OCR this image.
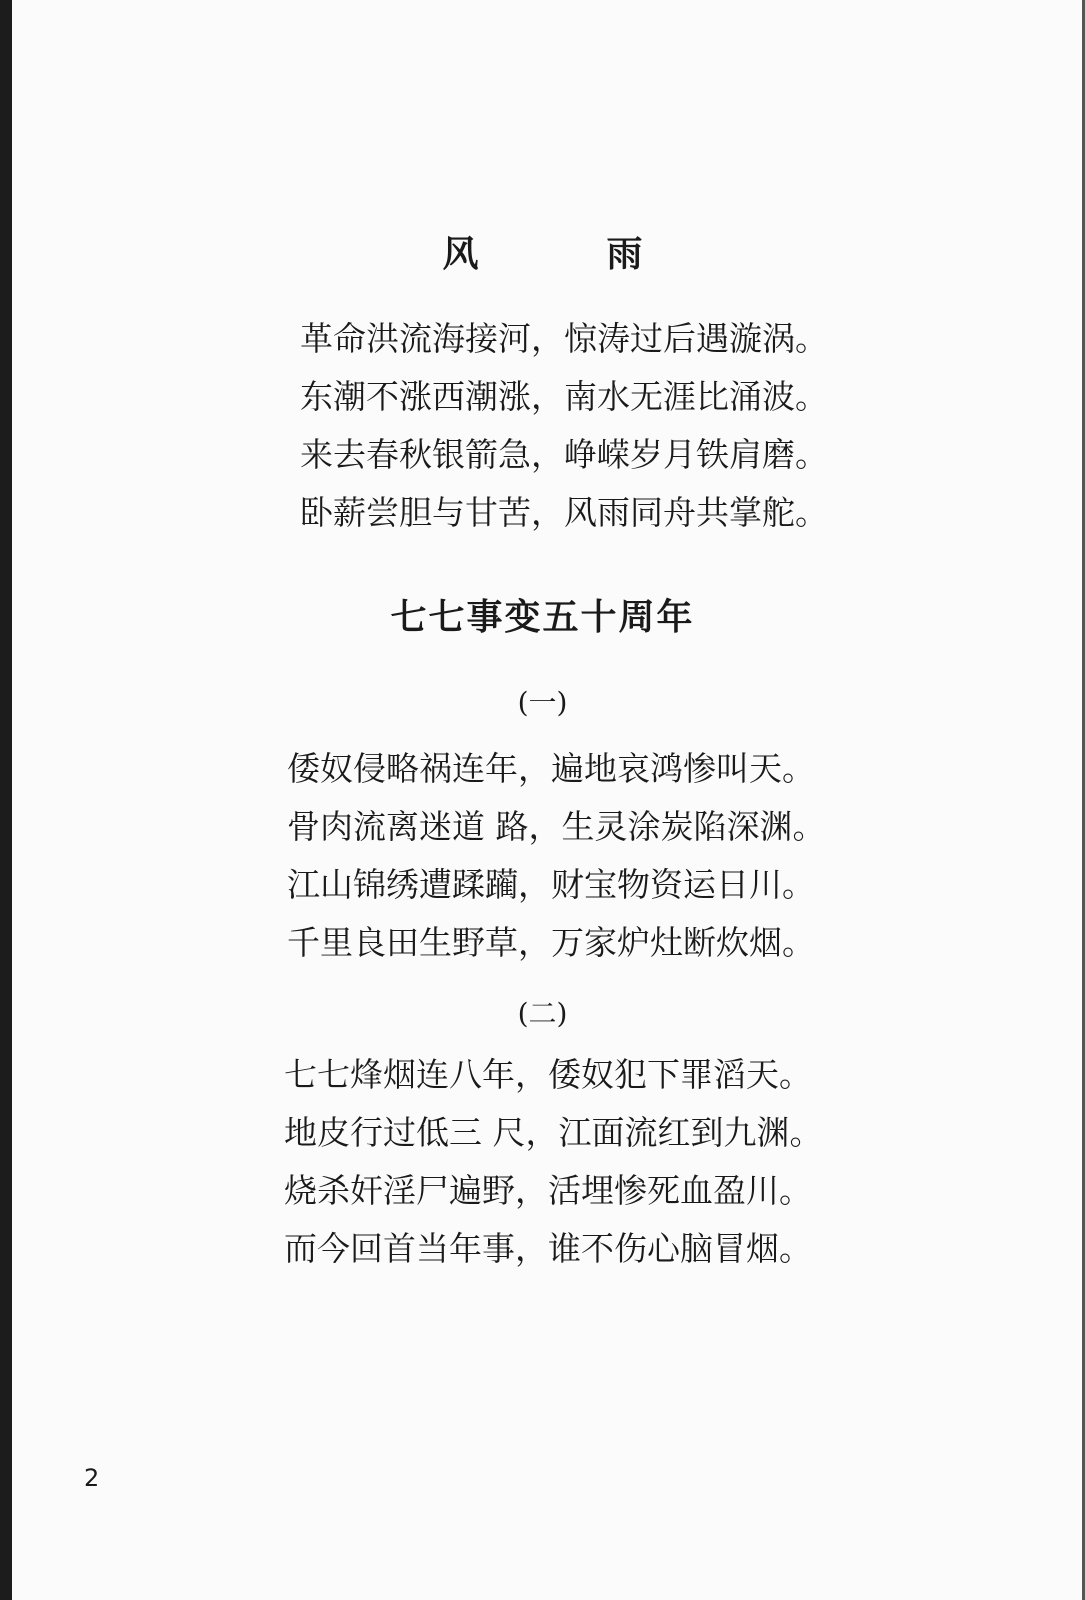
风　雨
革命洪流海接河，惊涛过后遇漩涡。
东潮不涨西潮涨，南水无涯比涌波。
来去春秋银箭急，峥嵘岁月铁肩磨。
卧薪尝胆与甘苦，风雨同舟共掌舵。
七七事变五十周年
(一)
倭奴侵略祸连年，遍地哀鸿惨叫天。
骨肉流离迷道 路，生灵涂炭陷深渊。
江山锦绣遭蹂躏，财宝物资运日川。
千里良田生野草，万家炉灶断炊烟。
(二)
七七烽烟连八年，倭奴犯下罪滔天。
地皮行过低三 尺，江面流红到九渊。
烧杀奸淫尸遍野，活埋惨死血盈川。
而今回首当年事，谁不伤心脑冒烟。
2
